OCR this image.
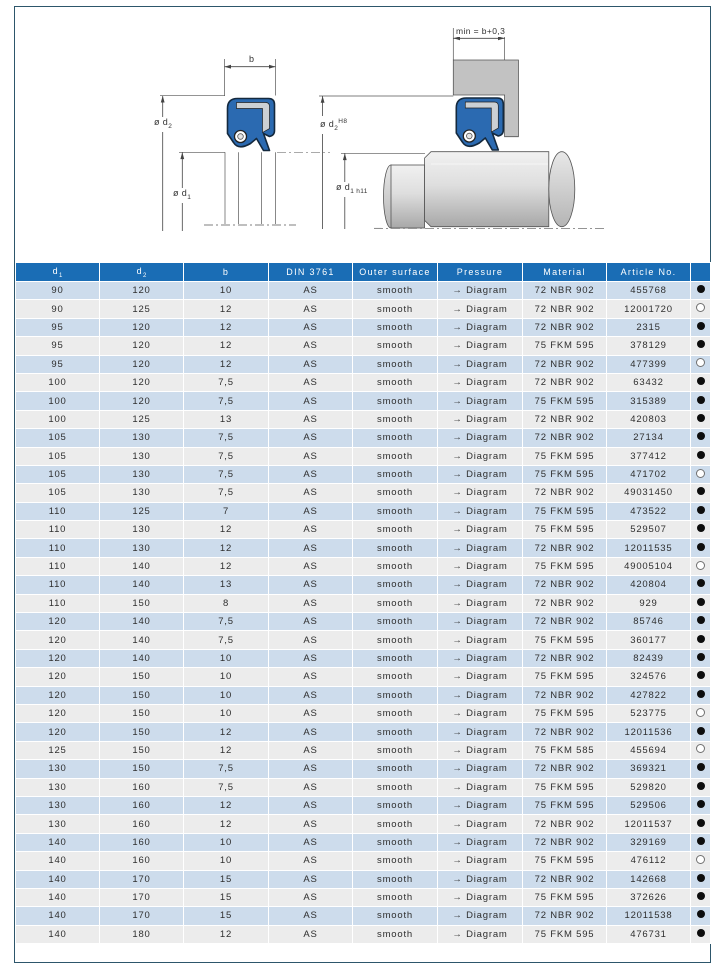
b
ø $d_2$
ø $d_1$
min = b+0,3
ø $d_2^{H8}$
ø $d_1$ $_{h11}$
$d_1$	$d_2$	b	DIN 3761	Outer surface	Pressure	Material	Article No.	
90	120	10	AS	smooth	→ Diagram	72 NBR 902	455768	
90	125	12	AS	smooth	→ Diagram	72 NBR 902	12001720	
95	120	12	AS	smooth	→ Diagram	72 NBR 902	2315	
95	120	12	AS	smooth	→ Diagram	75 FKM 595	378129	
95	120	12	AS	smooth	→ Diagram	72 NBR 902	477399	
100	120	7,5	AS	smooth	→ Diagram	72 NBR 902	63432	
100	120	7,5	AS	smooth	→ Diagram	75 FKM 595	315389	
100	125	13	AS	smooth	→ Diagram	72 NBR 902	420803	
105	130	7,5	AS	smooth	→ Diagram	72 NBR 902	27134	
105	130	7,5	AS	smooth	→ Diagram	75 FKM 595	377412	
105	130	7,5	AS	smooth	→ Diagram	75 FKM 595	471702	
105	130	7,5	AS	smooth	→ Diagram	72 NBR 902	49031450	
110	125	7	AS	smooth	→ Diagram	75 FKM 595	473522	
110	130	12	AS	smooth	→ Diagram	75 FKM 595	529507	
110	130	12	AS	smooth	→ Diagram	72 NBR 902	12011535	
110	140	12	AS	smooth	→ Diagram	75 FKM 595	49005104	
110	140	13	AS	smooth	→ Diagram	72 NBR 902	420804	
110	150	8	AS	smooth	→ Diagram	72 NBR 902	929	
120	140	7,5	AS	smooth	→ Diagram	72 NBR 902	85746	
120	140	7,5	AS	smooth	→ Diagram	75 FKM 595	360177	
120	140	10	AS	smooth	→ Diagram	72 NBR 902	82439	
120	150	10	AS	smooth	→ Diagram	75 FKM 595	324576	
120	150	10	AS	smooth	→ Diagram	72 NBR 902	427822	
120	150	10	AS	smooth	→ Diagram	75 FKM 595	523775	
120	150	12	AS	smooth	→ Diagram	72 NBR 902	12011536	
125	150	12	AS	smooth	→ Diagram	75 FKM 585	455694	
130	150	7,5	AS	smooth	→ Diagram	72 NBR 902	369321	
130	160	7,5	AS	smooth	→ Diagram	75 FKM 595	529820	
130	160	12	AS	smooth	→ Diagram	75 FKM 595	529506	
130	160	12	AS	smooth	→ Diagram	72 NBR 902	12011537	
140	160	10	AS	smooth	→ Diagram	72 NBR 902	329169	
140	160	10	AS	smooth	→ Diagram	75 FKM 595	476112	
140	170	15	AS	smooth	→ Diagram	72 NBR 902	142668	
140	170	15	AS	smooth	→ Diagram	75 FKM 595	372626	
140	170	15	AS	smooth	→ Diagram	72 NBR 902	12011538	
140	180	12	AS	smooth	→ Diagram	75 FKM 595	476731	
